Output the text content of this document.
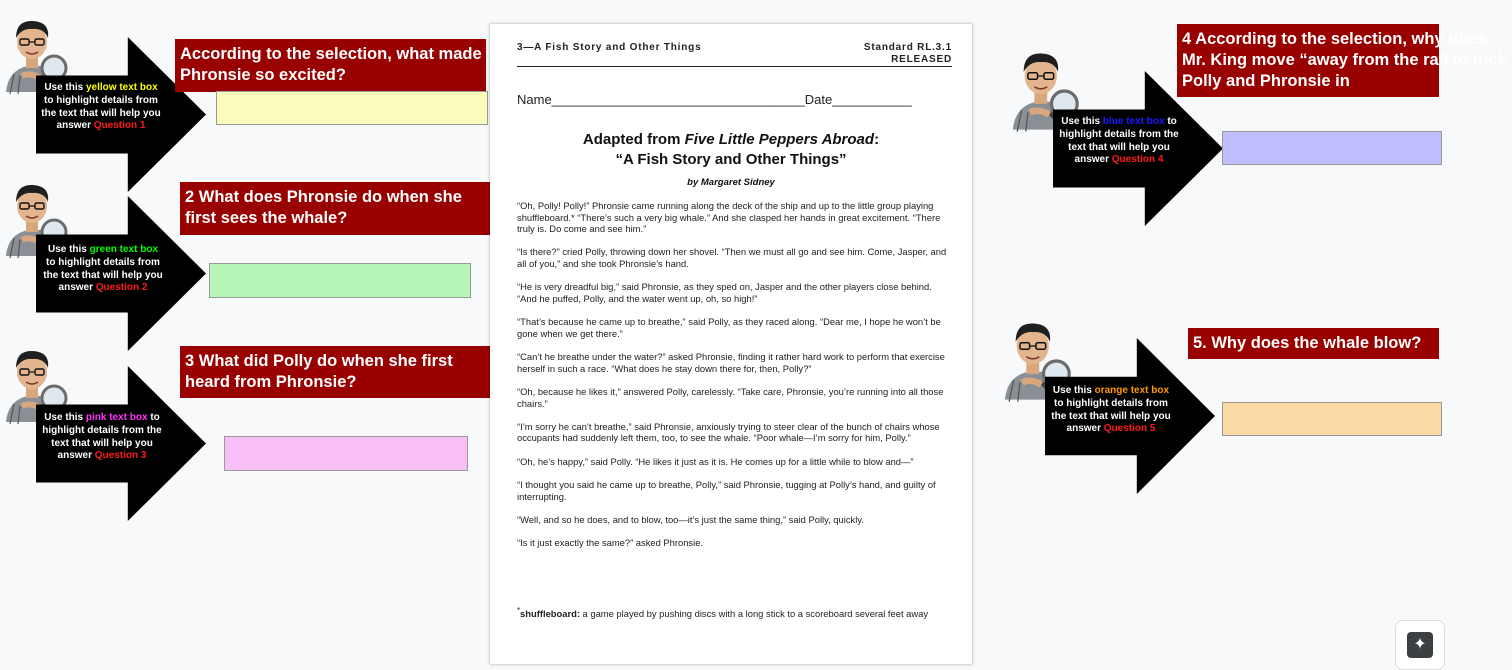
Use this yellow text box to highlight details from the text that will help you answer Question 1
According to the selection, what made Phronsie so excited?
Use this green text box to highlight details from the text that will help you answer Question 2
2 What does Phronsie do when she first sees the whale?
Use this pink text box to highlight details from the text that will help you answer Question 3
3 What did Polly do when she first heard from Phronsie?
3—A Fish Story and Other Things	Standard RL.3.1
RELEASED
Name___________________________________Date___________
Adapted from Five Little Peppers Abroad:
“A Fish Story and Other Things”
by Margaret Sidney

“Oh, Polly! Polly!” Phronsie came running along the deck of the ship and up to the little group playing shuffleboard.* “There’s such a very big whale.” And she clasped her hands in great excitement. “There truly is. Do come and see him.”

“Is there?” cried Polly, throwing down her shovel. “Then we must all go and see him. Come, Jasper, and all of you,” and she took Phronsie’s hand.

“He is very dreadful big,” said Phronsie, as they sped on, Jasper and the other players close behind. “And he puffed, Polly, and the water went up, oh, so high!”

“That’s because he came up to breathe,” said Polly, as they raced along. “Dear me, I hope he won’t be gone when we get there.”

“Can’t he breathe under the water?” asked Phronsie, finding it rather hard work to perform that exercise herself in such a race. “What does he stay down there for, then, Polly?”

“Oh, because he likes it,” answered Polly, carelessly. “Take care, Phronsie, you’re running into all those chairs.”

“I’m sorry he can’t breathe,” said Phronsie, anxiously trying to steer clear of the bunch of chairs whose occupants had suddenly left them, too, to see the whale. “Poor whale—I’m sorry for him, Polly.”

“Oh, he’s happy,” said Polly. “He likes it just as it is. He comes up for a little while to blow and—”

“I thought you said he came up to breathe, Polly,” said Phronsie, tugging at Polly’s hand, and guilty of interrupting.

“Well, and so he does, and to blow, too—it’s just the same thing,” said Polly, quickly.

“Is it just exactly the same?” asked Phronsie.

*shuffleboard: a game played by pushing discs with a long stick to a scoreboard several feet away
Use this blue text box to highlight details from the text that will help you answer Question 4
4 According to the selection, why does Mr. King move “away from the rail to tuck Polly and Phronsie in
Use this orange text box to highlight details from the text that will help you answer Question 5
5. Why does the whale blow?
✦
